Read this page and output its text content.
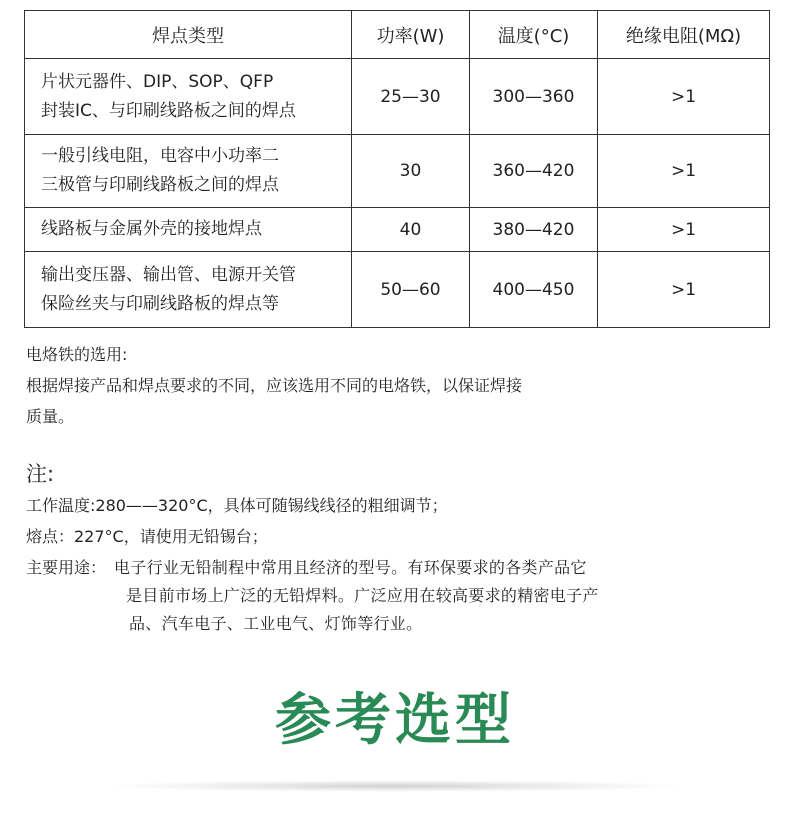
焊点类型	功率(W)	温度(°C)	绝缘电阻(MΩ)

片状元器件、DIP、SOP、QFP
封装IC、与印刷线路板之间的焊点	25—30	300—360	>1

一般引线电阻，电容中小功率二
三极管与印刷线路板之间的焊点	30	360—420	>1

线路板与金属外壳的接地焊点	40	380—420	>1

输出变压器、输出管、电源开关管
保险丝夹与印刷线路板的焊点等	50—60	400—450	>1
电烙铁的选用:
根据焊接产品和焊点要求的不同，应该选用不同的电烙铁，以保证焊接
质量。
注:
工作温度:280——320°C，具体可随锡线线径的粗细调节；
熔点：227°C，请使用无铅锡台；
主要用途： 电子行业无铅制程中常用且经济的型号。有环保要求的各类产品它
是目前市场上广泛的无铅焊料。广泛应用在较高要求的精密电子产
品、汽车电子、工业电气、灯饰等行业。
参考选型
